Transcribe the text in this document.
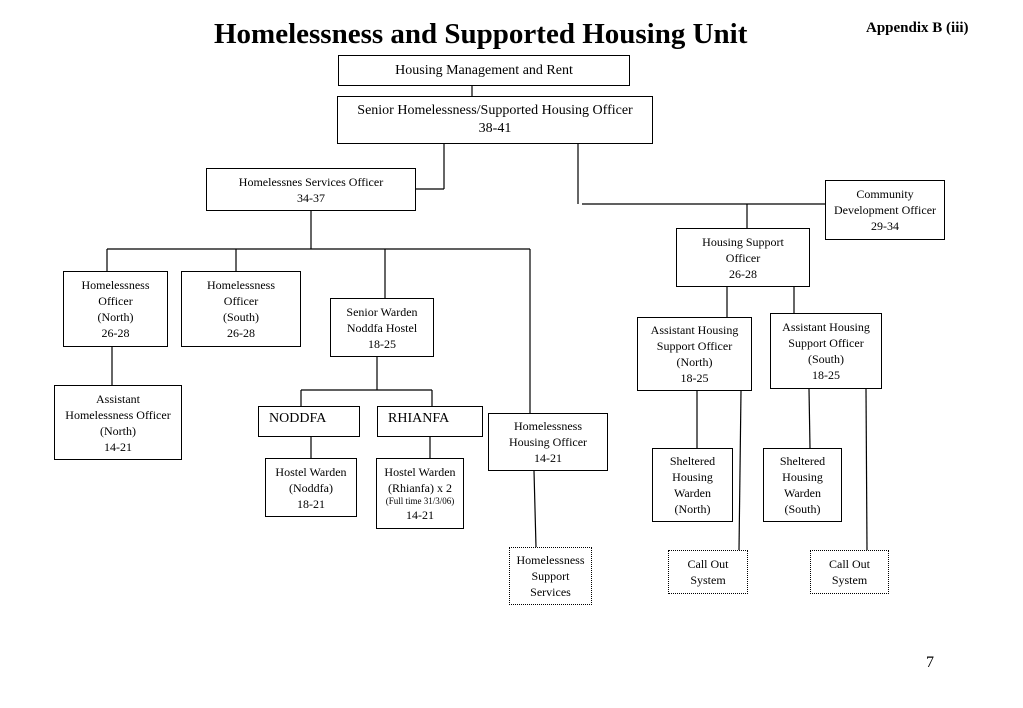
Homelessness and Supported Housing Unit	Appendix B (iii)
7
Housing Management and Rent
Senior Homelessness/Supported Housing Officer
38-41
Homelessnes Services Officer
34-37	Community
Development Officer
29-34
Housing Support
Officer
26-28
Homelessness
Officer
(North)
26-28
Homelessness
Officer
(South)
26-28
Senior Warden
Noddfa Hostel
18-25
Assistant
Homelessness Officer
(North)
14-21
NODDFA	RHIANFA	Homelessness
Housing Officer
14-21
Hostel Warden
(Noddfa)
18-21
Hostel Warden
(Rhianfa) x 2
(Full time 31/3/06)
14-21
Assistant Housing
Support Officer
(North)
18-25
Assistant Housing
Support Officer
(South)
18-25
Sheltered
Housing
Warden
(North)
Sheltered
Housing
Warden
(South)
Homelessness
Support
Services
Call Out
System
Call Out
System
